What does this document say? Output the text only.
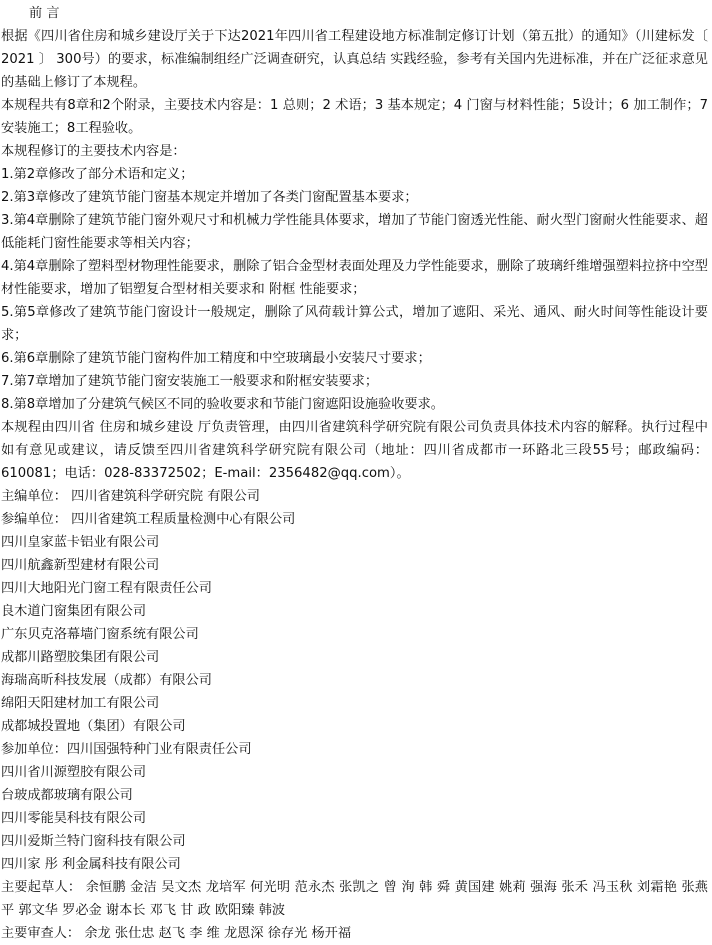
前 言

根据《四川省住房和城乡建设厅关于下达2021年四川省工程建设地方标准制定修订计划（第五批）的通知》（川建标发〔 2021 〕 300号）的要求，标准编制组经广泛调查研究，认真总结 实践经验，参考有关国内先进标准，并在广泛征求意见的基础上修订了本规程。

本规程共有8章和2个附录，主要技术内容是：1 总则；2 术语；3 基本规定；4 门窗与材料性能；5设计；6 加工制作；7 安装施工；8工程验收。

本规程修订的主要技术内容是：

1.第2章修改了部分术语和定义；

2.第3章修改了建筑节能门窗基本规定并增加了各类门窗配置基本要求；

3.第4章删除了建筑节能门窗外观尺寸和机械力学性能具体要求，增加了节能门窗透光性能、耐火型门窗耐火性能要求、超低能耗门窗性能要求等相关内容；

4.第4章删除了塑料型材物理性能要求，删除了铝合金型材表面处理及力学性能要求，删除了玻璃纤维增强塑料拉挤中空型材性能要求，增加了铝塑复合型材相关要求和 附框 性能要求；

5.第5章修改了建筑节能门窗设计一般规定，删除了风荷载计算公式，增加了遮阳、采光、通风、耐火时间等性能设计要求；

6.第6章删除了建筑节能门窗构件加工精度和中空玻璃最小安装尺寸要求；

7.第7章增加了建筑节能门窗安装施工一般要求和附框安装要求；

8.第8章增加了分建筑气候区不同的验收要求和节能门窗遮阳设施验收要求。

本规程由四川省 住房和城乡建设 厅负责管理，由四川省建筑科学研究院有限公司负责具体技术内容的解释。执行过程中如有意见或建议，请反馈至四川省建筑科学研究院有限公司（地址：四川省成都市一环路北三段55号；邮政编码：610081；电话：028-83372502；E-mail：2356482@qq.com）。

主编单位： 四川省建筑科学研究院 有限公司

参编单位： 四川省建筑工程质量检测中心有限公司

四川皇家蓝卡铝业有限公司

四川航鑫新型建材有限公司

四川大地阳光门窗工程有限责任公司

良木道门窗集团有限公司

广东贝克洛幕墙门窗系统有限公司

成都川路塑胶集团有限公司

海瑞高昕科技发展（成都）有限公司

绵阳天阳建材加工有限公司

成都城投置地（集团）有限公司

参加单位：四川国强特种门业有限责任公司

四川省川源塑胶有限公司

台玻成都玻璃有限公司

四川零能昊科技有限公司

四川爱斯兰特门窗科技有限公司

四川家 彤 利金属科技有限公司

主要起草人： 余恒鹏 金洁 吴文杰 龙培军 何光明 范永杰 张凯之 曾 洵 韩 舜 黄国建 姚莉 强海 张禾 冯玉秋 刘霜艳 张燕平 郭文华 罗必金 谢本长 邓飞 甘 政 欧阳臻 韩波

主要审查人： 余龙 张仕忠 赵飞 李 维 龙恩深 徐存光 杨开福
